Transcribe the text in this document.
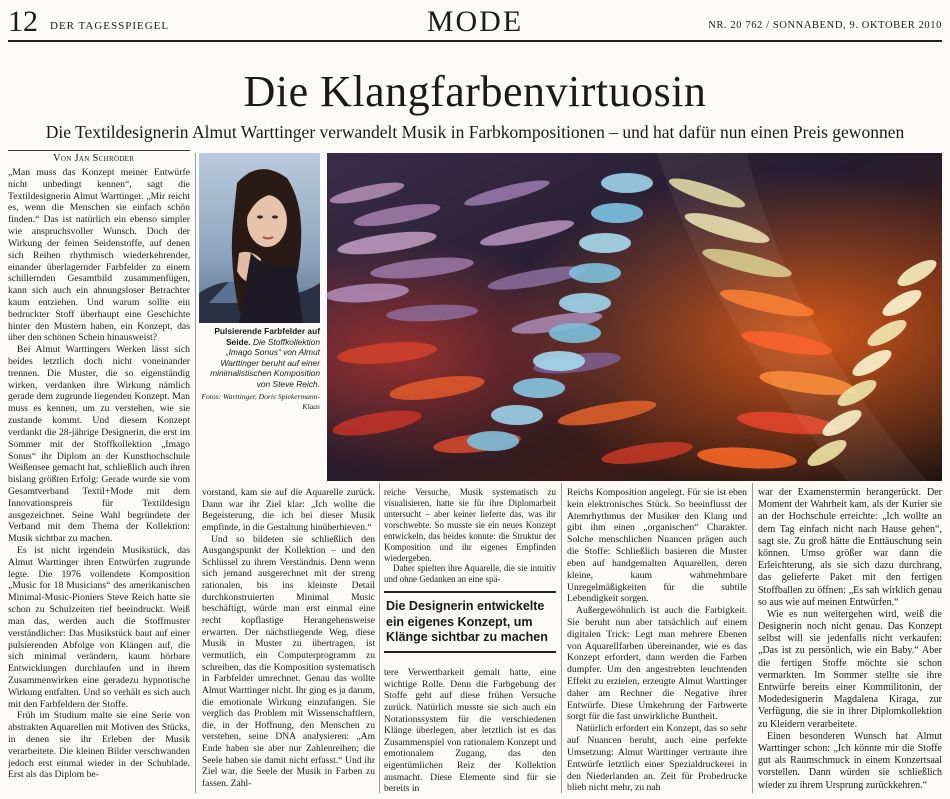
12 DER TAGESSPIEGEL	MODE	NR. 20 762 / SONNABEND, 9. OKTOBER 2010
Die Klangfarbenvirtuosin
Die Textildesignerin Almut Warttinger verwandelt Musik in Farbkompositionen – und hat dafür nun einen Preis gewonnen
Von Jan Schröder

„Man muss das Konzept meiner Entwürfe nicht unbedingt kennen“, sagt die Textildesignerin Almut Warttinger. „Mir reicht es, wenn die Menschen sie einfach schön finden.“ Das ist natürlich ein ebenso simpler wie anspruchsvoller Wunsch. Doch der Wirkung der feinen Seidenstoffe, auf denen sich Reihen rhythmisch wiederkehrender, einander überlagernder Farbfelder zu einem schillernden Gesamtbild zusammenfügen, kann sich auch ein ahnungsloser Betrachter kaum entziehen. Und warum sollte ein bedruckter Stoff überhaupt eine Geschichte hinter den Mustern haben, ein Konzept, das über den schönen Schein hinausweist?

Bei Almut Warttingers Werken lässt sich beides letztlich doch nicht voneinander trennen. Die Muster, die so eigenständig wirken, verdanken ihre Wirkung nämlich gerade dem zugrunde liegenden Konzept. Man muss es kennen, um zu verstehen, wie sie zustande kommt. Und diesem Konzept verdankt die 28-jährige Designerin, die erst im Sommer mit der Stoffkollektion „Imago Sonus“ ihr Diplom an der Kunsthochschule Weißensee gemacht hat, schließlich auch ihren bislang größten Erfolg: Gerade wurde sie vom Gesamtverband Textil+Mode mit dem Innovationspreis für Textildesign ausgezeichnet. Seine Wahl begründete der Verband mit dem Thema der Kollektion: Musik sichtbar zu machen.

Es ist nicht irgendein Musikstück, das Almut Warttinger ihren Entwürfen zugrunde legte. Die 1976 vollendete Komposition „Music for 18 Musicians“ des amerikanischen Minimal-Music-Pioniers Steve Reich hatte sie schon zu Schulzeiten tief beeindruckt. Weiß man das, werden auch die Stoffmuster verständlicher: Das Musikstück baut auf einer pulsierenden Abfolge von Klängen auf, die sich minimal verändern, kaum hörbare Entwicklungen durchlaufen und in ihrem Zusammenwirken eine geradezu hypnotische Wirkung entfalten. Und so verhält es sich auch mit den Farbfeldern der Stoffe.

Früh im Studium malte sie eine Serie von abstrakten Aquarellen mit Motiven des Stücks, in denen sie ihr Erleben der Musik verarbeitete. Die kleinen Bilder verschwanden jedoch erst einmal wieder in der Schublade. Erst als das Diplom be-

Pulsierende Farbfelder auf Seide. Die Stoffkollektion „Imago Sonus“ von Almut Warttinger beruht auf einer minimalistischen Komposition von Steve Reich.
Fotos: Warttinger, Doris Spiekermann-Klaas

vorstand, kam sie auf die Aquarelle zurück. Dann war ihr Ziel klar: „Ich wollte die Begeisterung, die ich bei dieser Musik empfinde, in die Gestaltung hinüberhieven.“

Und so bildeten sie schließlich den Ausgangspunkt der Kollektion – und den Schlüssel zu ihrem Verständnis. Denn wenn sich jemand ausgerechnet mit der streng rationalen, bis ins kleinste Detail durchkonstruierten Minimal Music beschäftigt, würde man erst einmal eine recht kopflastige Herangehensweise erwarten. Der nächstliegende Weg, diese Musik in Muster zu übertragen, ist vermutlich, ein Computerprogramm zu schreiben, das die Komposition systematisch in Farbfelder umrechnet. Genau das wollte Almut Warttinger nicht. Ihr ging es ja darum, die emotionale Wirkung einzufangen. Sie verglich das Problem mit Wissenschaftlern, die, in der Hoffnung, den Menschen zu verstehen, seine DNA analysieren: „Am Ende haben sie aber nur Zahlenreihen; die Seele haben sie damit nicht erfasst.“ Und ihr Ziel war, die Seele der Musik in Farben zu fassen. Zahl-

reiche Versuche, Musik systematisch zu visualisieren, hatte sie für ihre Diplomarbeit untersucht – aber keiner lieferte das, was ihr vorschwebte. So musste sie ein neues Konzept entwickeln, das beides konnte: die Struktur der Komposition und ihr eigenes Empfinden wiedergeben.

Daher spielten ihre Aquarelle, die sie intuitiv und ohne Gedanken an eine spä-

Die Designerin entwickelte ein eigenes Konzept, um Klänge sichtbar zu machen

tere Verwertbarkeit gemalt hatte, eine wichtige Rolle. Denn die Farbgebung der Stoffe geht auf diese frühen Versuche zurück. Natürlich musste sie sich auch ein Notationssystem für die verschiedenen Klänge überlegen, aber letztlich ist es das Zusammenspiel von rationalem Konzept und emotionalem Zugang, das den eigentümlichen Reiz der Kollektion ausmacht. Diese Elemente sind für sie bereits in

Reichs Komposition angelegt. Für sie ist eben kein elektronisches Stück. So beeinflusst der Atemrhythmus der Musiker den Klang und gibt ihm einen „organischen“ Charakter. Solche menschlichen Nuancen prägen auch die Stoffe: Schließlich basieren die Muster eben auf handgemalten Aquarellen, deren kleine, kaum wahrnehmbare Unregelmäßigkeiten für die subtile Lebendigkeit sorgen.

Außergewöhnlich ist auch die Farbigkeit. Sie beruht nun aber tatsächlich auf einem digitalen Trick: Legt man mehrere Ebenen von Aquarellfarben übereinander, wie es das Konzept erfordert, dann werden die Farben dumpfer. Um den angestrebten leuchtenden Effekt zu erzielen, erzeugte Almut Warttinger daher am Rechner die Negative ihrer Entwürfe. Diese Umkehrung der Farbwerte sorgt für die fast unwirkliche Buntheit.

Natürlich erfordert ein Konzept, das so sehr auf Nuancen beruht, auch eine perfekte Umsetzung: Almut Warttinger vertraute ihre Entwürfe letztlich einer Spezialdruckerei in den Niederlanden an. Zeit für Probedrucke blieb nicht mehr, zu nah

war der Examenstermin herangerückt. Der Moment der Wahrheit kam, als der Kurier sie an der Hochschule erreichte: „Ich wollte an dem Tag einfach nicht nach Hause gehen“, sagt sie. Zu groß hätte die Enttäuschung sein können. Umso größer war dann die Erleichterung, als sie sich dazu durchrang, das gelieferte Paket mit den fertigen Stoffballen zu öffnen: „Es sah wirklich genau so aus wie auf meinen Entwürfen.“

Wie es nun weitergehen wird, weiß die Designerin noch nicht genau. Das Konzept selbst will sie jedenfalls nicht verkaufen: „Das ist zu persönlich, wie ein Baby.“ Aber die fertigen Stoffe möchte sie schon vermarkten. Im Sommer stellte sie ihre Entwürfe bereits einer Kommilitonin, der Modedesignerin Magdalena Kiraga, zur Verfügung, die sie in ihrer Diplomkollektion zu Kleidern verarbeitete.

Einen besonderen Wunsch hat Almut Warttinger schon: „Ich könnte mir die Stoffe gut als Raumschmuck in einem Konzertsaal vorstellen. Dann würden sie schließlich wieder zu ihrem Ursprung zurückkehren.“
